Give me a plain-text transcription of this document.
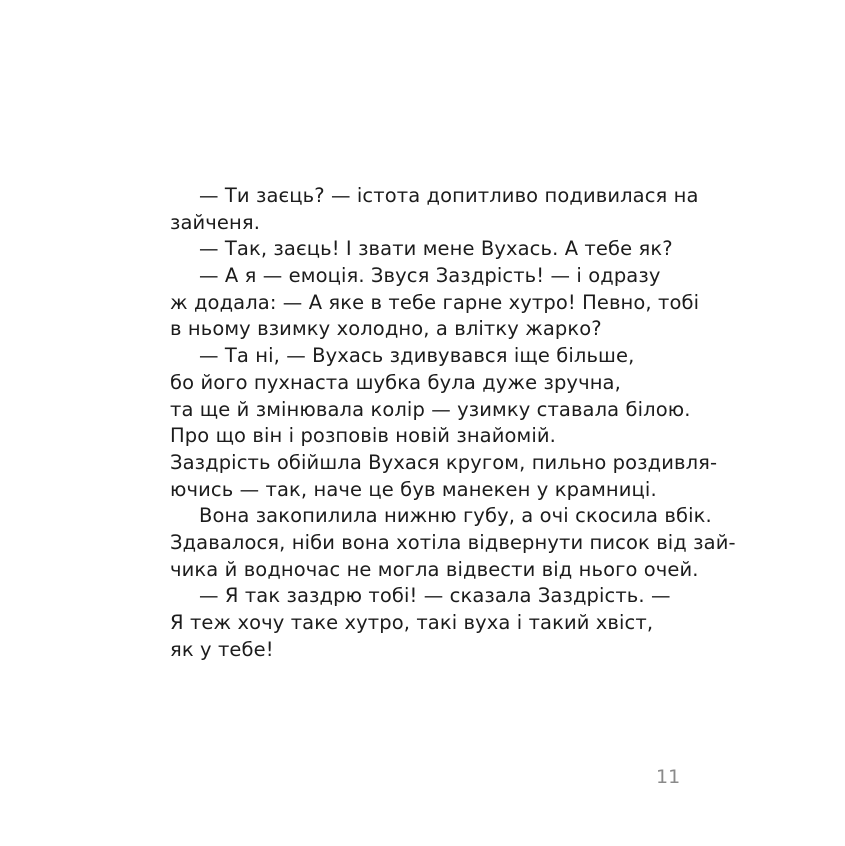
— Ти заєць? — істота допитливо подивилася на
зайченя.
— Так, заєць! І звати мене Вухась. А тебе як?
— А я — емоція. Звуся Заздрість! — і одразу
ж додала: — А яке в тебе гарне хутро! Певно, тобі
в ньому взимку холодно, а влітку жарко?
— Та ні, — Вухась здивувався іще більше,
бо його пухнаста шубка була дуже зручна,
та ще й змінювала колір — узимку ставала білою.
Про що він і розповів новій знайомій.
Заздрість обійшла Вухася кругом, пильно роздивля-
ючись — так, наче це був манекен у крамниці.
Вона закопилила нижню губу, а очі скосила вбік.
Здавалося, ніби вона хотіла відвернути писок від зай-
чика й водночас не могла відвести від нього очей.
— Я так заздрю тобі! — сказала Заздрість. —
Я теж хочу таке хутро, такі вуха і такий хвіст,
як у тебе!
11
